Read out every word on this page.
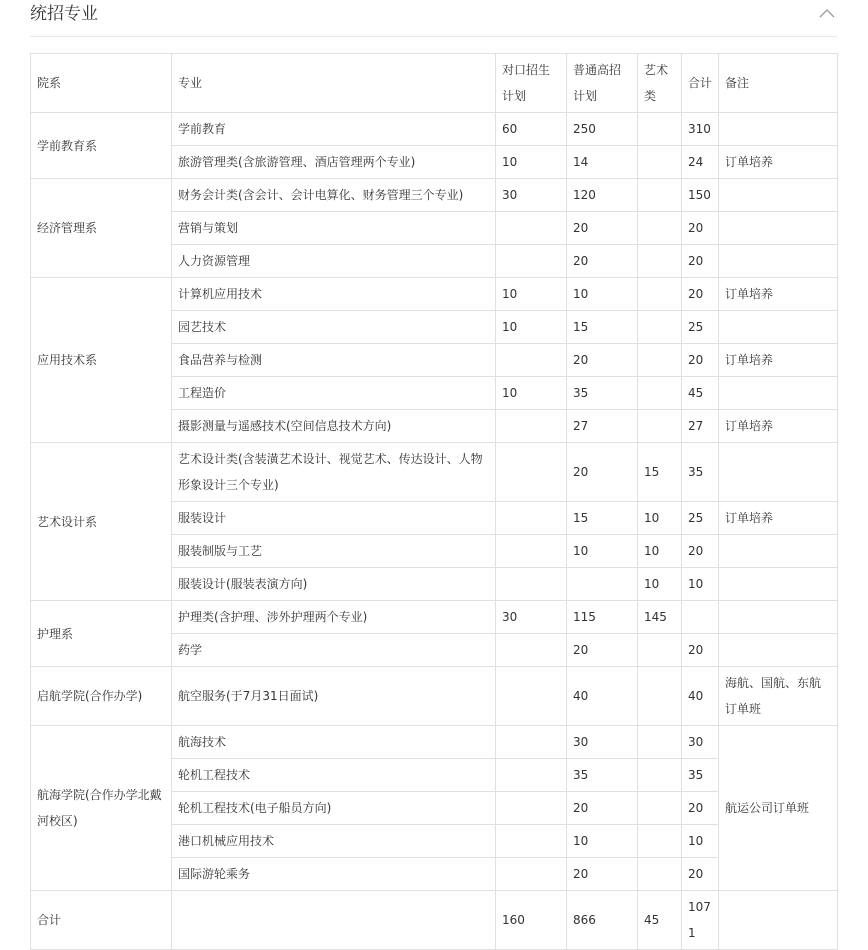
统招专业
院系	专业	对口招生计划	普通高招计划	艺术类	合计	备注
学前教育系	学前教育	60	250		310	
	旅游管理类(含旅游管理、酒店管理两个专业)	10	14		24	订单培养
经济管理系	财务会计类(含会计、会计电算化、财务管理三个专业)	30	120		150	
	营销与策划		20		20	
	人力资源管理		20		20	
应用技术系	计算机应用技术	10	10		20	订单培养
	园艺技术	10	15		25	
	食品营养与检测		20		20	订单培养
	工程造价	10	35		45	
	摄影测量与遥感技术(空间信息技术方向)		27		27	订单培养
艺术设计系	艺术设计类(含装潢艺术设计、视觉艺术、传达设计、人物形象设计三个专业)		20	15	35	
	服装设计		15	10	25	订单培养
	服装制版与工艺		10	10	20	
	服装设计(服装表演方向)			10	10	
护理系	护理类(含护理、涉外护理两个专业)	30	115	145		
	药学		20		20	
启航学院(合作办学)	航空服务(于7月31日面试)		40		40	海航、国航、东航订单班
航海学院(合作办学北戴河校区)	航海技术		30		30	航运公司订单班
	轮机工程技术		35		35	
	轮机工程技术(电子船员方向)		20		20	
	港口机械应用技术		10		10	
	国际游轮乘务		20		20	
合计		160	866	45	1071	
